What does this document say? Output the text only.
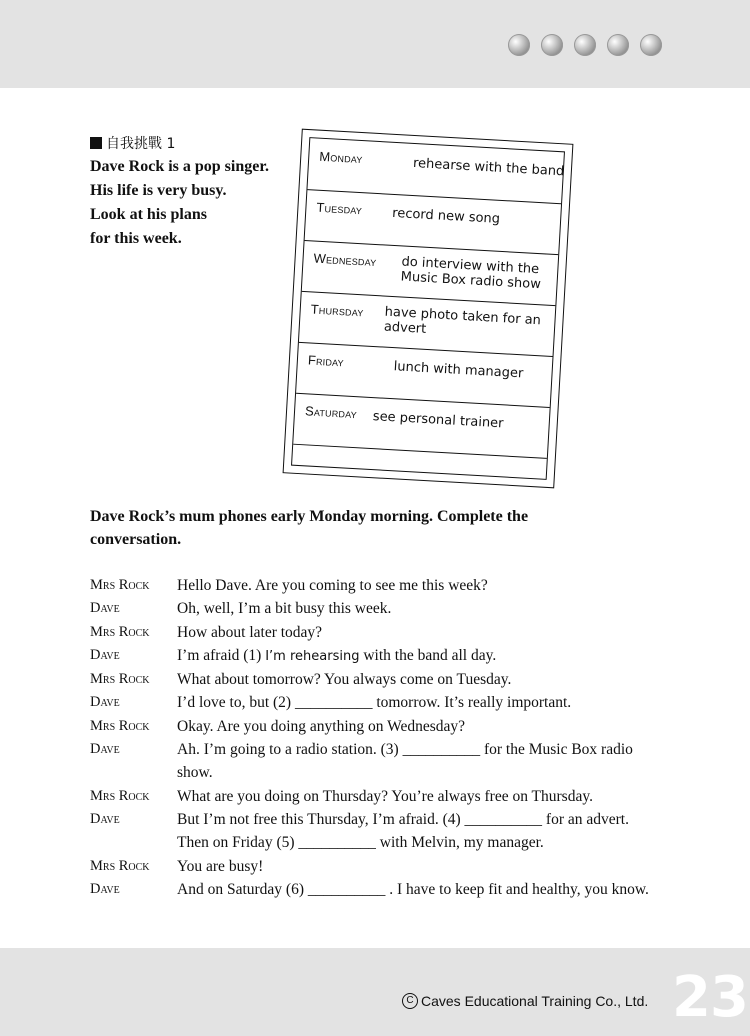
自我挑戰 1
Dave Rock is a pop singer.
His life is very busy.
Look at his plans
for this week.
Monday	rehearse with the band
Tuesday record new song
Wednesday do interview with the Music Box radio show
Thursday have photo taken for an advert
Friday	lunch with manager
Saturday see personal trainer
Dave Rock’s mum phones early Monday morning. Complete the conversation.
Mrs Rock	Hello Dave. Are you coming to see me this week?
Dave	Oh, well, I’m a bit busy this week.
Mrs Rock	How about later today?
Dave	I’m afraid (1) I’m rehearsing with the band all day.
Mrs Rock	What about tomorrow? You always come on Tuesday.
Dave	I’d love to, but (2) __________ tomorrow. It’s really important.
Mrs Rock	Okay. Are you doing anything on Wednesday?
Dave	Ah. I’m going to a radio station. (3) __________ for the Music Box radio show.
Mrs Rock	What are you doing on Thursday? You’re always free on Thursday.
Dave	But I’m not free this Thursday, I’m afraid. (4) __________ for an advert. Then on Friday (5) __________ with Melvin, my manager.
Mrs Rock	You are busy!
Dave	And on Saturday (6) __________ . I have to keep fit and healthy, you know.
C Caves Educational Training Co., Ltd. 23
